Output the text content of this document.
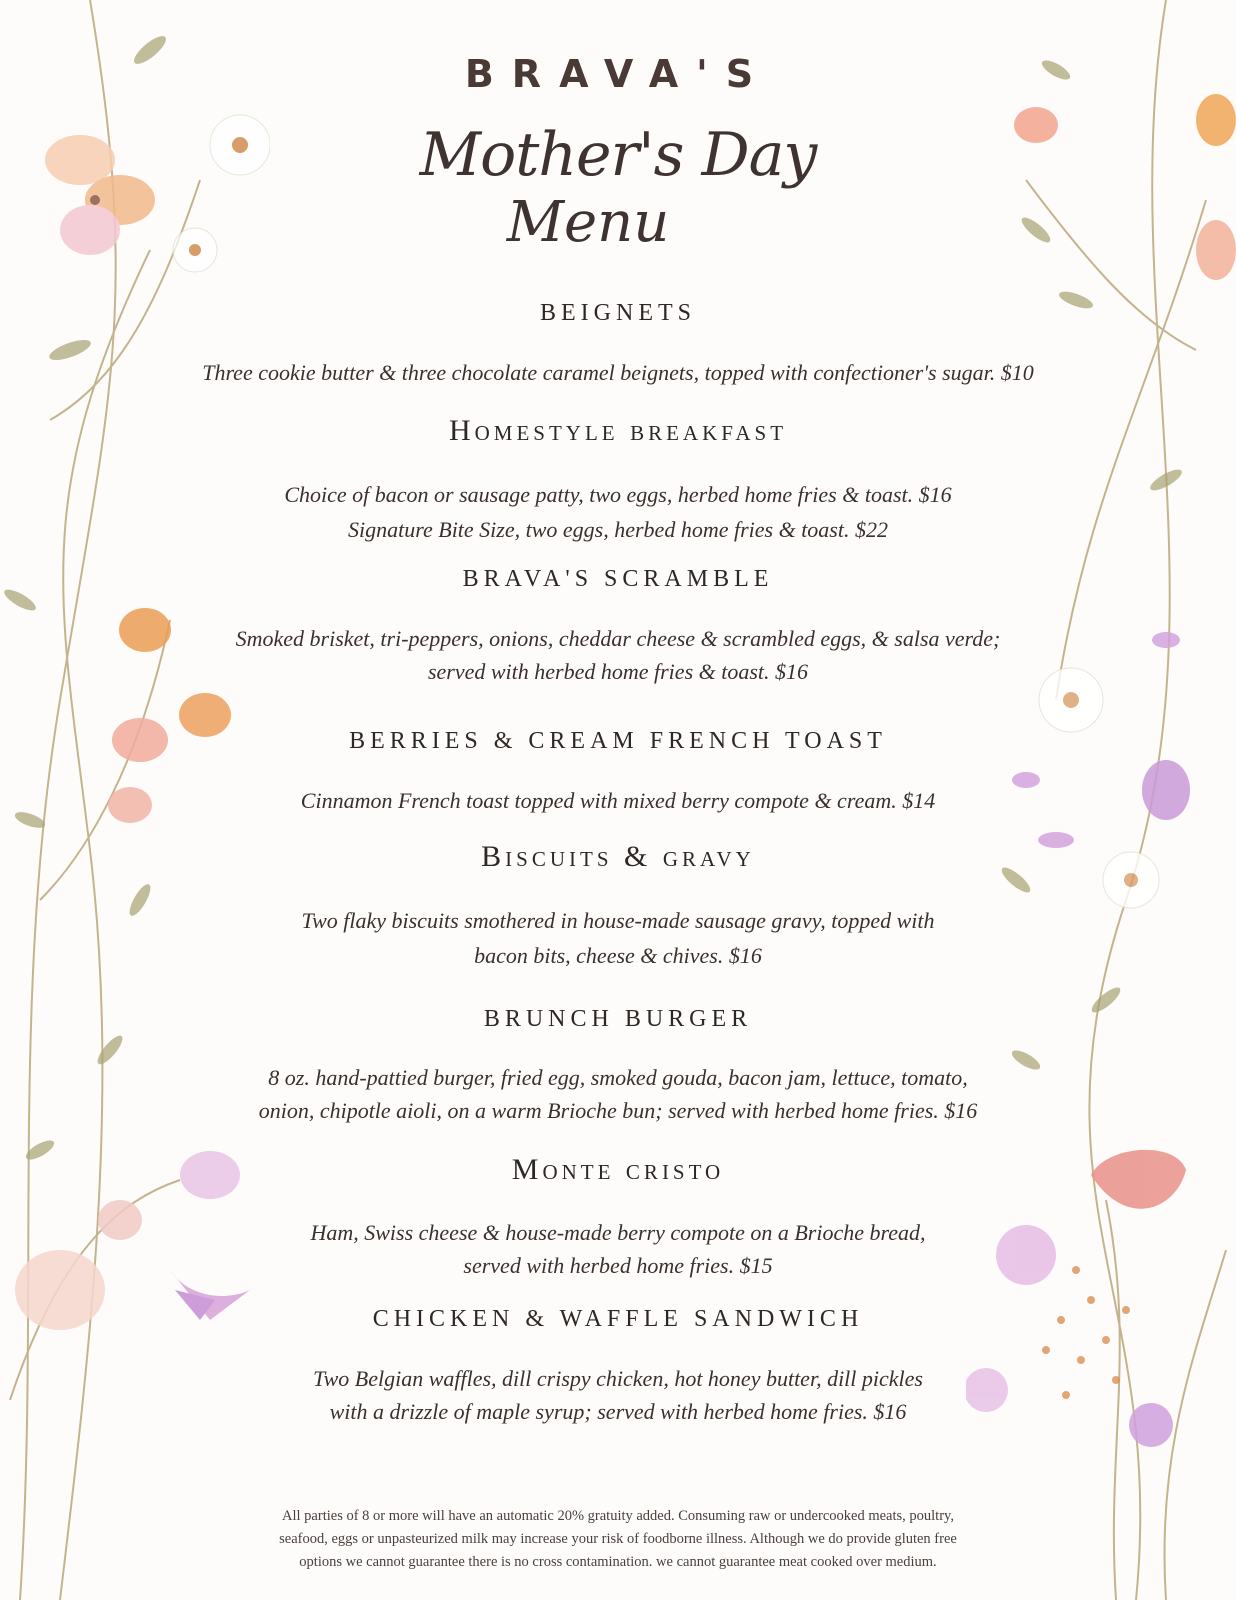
BRAVA'S
Mother's Day
Menu
BEIGNETS
Three cookie butter & three chocolate caramel beignets, topped with confectioner's sugar. $10
Homestyle breakfast
Choice of bacon or sausage patty, two eggs, herbed home fries & toast. $16
Signature Bite Size, two eggs, herbed home fries & toast. $22
BRAVA'S SCRAMBLE
Smoked brisket, tri-peppers, onions, cheddar cheese & scrambled eggs, & salsa verde;
served with herbed home fries & toast. $16
BERRIES & CREAM FRENCH TOAST
Cinnamon French toast topped with mixed berry compote & cream. $14
Biscuits & gravy
Two flaky biscuits smothered in house-made sausage gravy, topped with
bacon bits, cheese & chives. $16
BRUNCH BURGER
8 oz. hand-pattied burger, fried egg, smoked gouda, bacon jam, lettuce, tomato,
onion, chipotle aioli, on a warm Brioche bun; served with herbed home fries. $16
Monte cristo
Ham, Swiss cheese & house-made berry compote on a Brioche bread,
served with herbed home fries. $15
CHICKEN & WAFFLE SANDWICH
Two Belgian waffles, dill crispy chicken, hot honey butter, dill pickles
with a drizzle of maple syrup; served with herbed home fries. $16
All parties of 8 or more will have an automatic 20% gratuity added. Consuming raw or undercooked meats, poultry,
seafood, eggs or unpasteurized milk may increase your risk of foodborne illness. Although we do provide gluten free
options we cannot guarantee there is no cross contamination. we cannot guarantee meat cooked over medium.
